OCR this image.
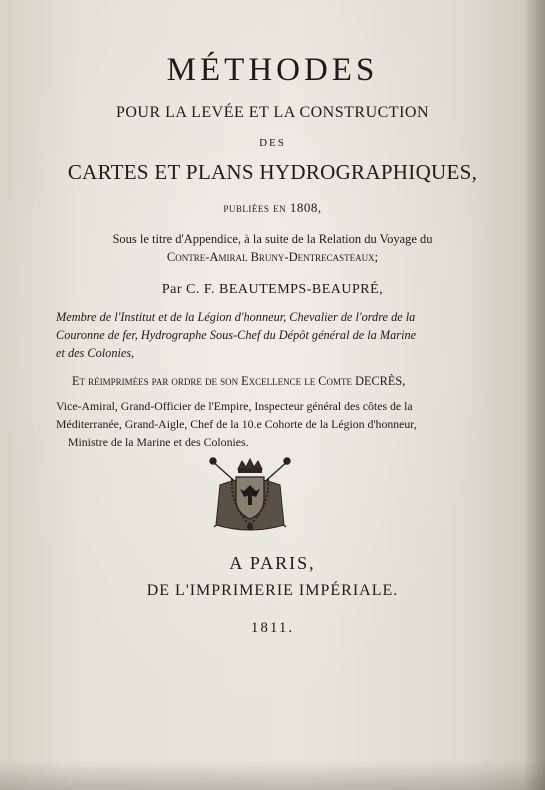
MÉTHODES
POUR LA LEVÉE ET LA CONSTRUCTION
DES
CARTES ET PLANS HYDROGRAPHIQUES,
publiées en 1808,
Sous le titre d'Appendice, à la suite de la Relation du Voyage du
Contre-Amiral Bruny-Dentrecasteaux;
Par C. F. BEAUTEMPS-BEAUPRÉ,
Membre de l'Institut et de la Légion d'honneur, Chevalier de l'ordre de la
Couronne de fer, Hydrographe Sous-Chef du Dépôt général de la Marine
et des Colonies,
Et réimprimées par ordre de son Excellence le Comte DECRÈS,
Vice-Amiral, Grand-Officier de l'Empire, Inspecteur général des côtes de la
Méditerranée, Grand-Aigle, Chef de la 10.e Cohorte de la Légion d'honneur,
Ministre de la Marine et des Colonies.
A PARIS,
DE L'IMPRIMERIE IMPÉRIALE.
1811.
